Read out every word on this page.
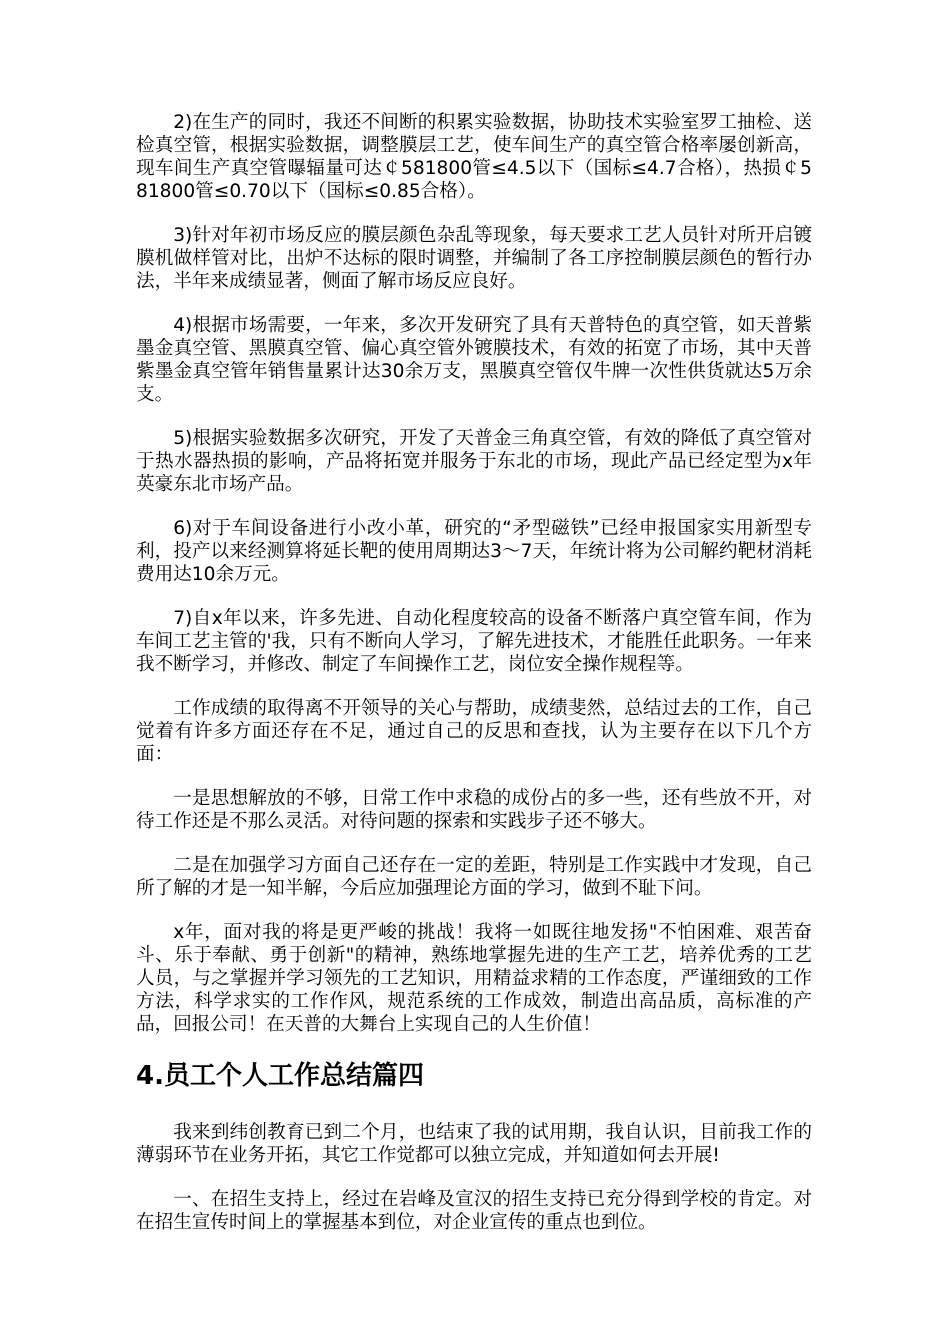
2)在生产的同时，我还不间断的积累实验数据，协助技术实验室罗工抽检、送检真空管，根据实验数据，调整膜层工艺，使车间生产的真空管合格率屡创新高，现车间生产真空管曝辐量可达￠581800管≤4.5以下（国标≤4.7合格），热损￠581800管≤0.70以下（国标≤0.85合格）。

3)针对年初市场反应的膜层颜色杂乱等现象，每天要求工艺人员针对所开启镀膜机做样管对比，出炉不达标的限时调整，并编制了各工序控制膜层颜色的暂行办法，半年来成绩显著，侧面了解市场反应良好。

4)根据市场需要，一年来，多次开发研究了具有天普特色的真空管，如天普紫墨金真空管、黑膜真空管、偏心真空管外镀膜技术，有效的拓宽了市场，其中天普紫墨金真空管年销售量累计达30余万支，黑膜真空管仅牛牌一次性供货就达5万余支。

5)根据实验数据多次研究，开发了天普金三角真空管，有效的降低了真空管对于热水器热损的影响，产品将拓宽并服务于东北的市场，现此产品已经定型为x年英豪东北市场产品。

6)对于车间设备进行小改小革，研究的“矛型磁铁”已经申报国家实用新型专利，投产以来经测算将延长靶的使用周期达3～7天，年统计将为公司解约靶材消耗费用达10余万元。

7)自x年以来，许多先进、自动化程度较高的设备不断落户真空管车间，作为车间工艺主管的'我，只有不断向人学习，了解先进技术，才能胜任此职务。一年来我不断学习，并修改、制定了车间操作工艺，岗位安全操作规程等。

工作成绩的取得离不开领导的关心与帮助，成绩斐然，总结过去的工作，自己觉着有许多方面还存在不足，通过自己的反思和查找，认为主要存在以下几个方面：

一是思想解放的不够，日常工作中求稳的成份占的多一些，还有些放不开，对待工作还是不那么灵活。对待问题的探索和实践步子还不够大。

二是在加强学习方面自己还存在一定的差距，特别是工作实践中才发现，自己所了解的才是一知半解，今后应加强理论方面的学习，做到不耻下问。

x年，面对我的将是更严峻的挑战！我将一如既往地发扬"不怕困难、艰苦奋斗、乐于奉献、勇于创新"的精神，熟练地掌握先进的生产工艺，培养优秀的工艺人员，与之掌握并学习领先的工艺知识，用精益求精的工作态度，严谨细致的工作方法，科学求实的工作作风，规范系统的工作成效，制造出高品质，高标准的产品，回报公司！在天普的大舞台上实现自己的人生价值！

4.员工个人工作总结篇四

我来到纬创教育已到二个月，也结束了我的试用期，我自认识，目前我工作的薄弱环节在业务开拓，其它工作觉都可以独立完成，并知道如何去开展!

一、在招生支持上，经过在岩峰及宣汉的招生支持已充分得到学校的肯定。对在招生宣传时间上的掌握基本到位，对企业宣传的重点也到位。
